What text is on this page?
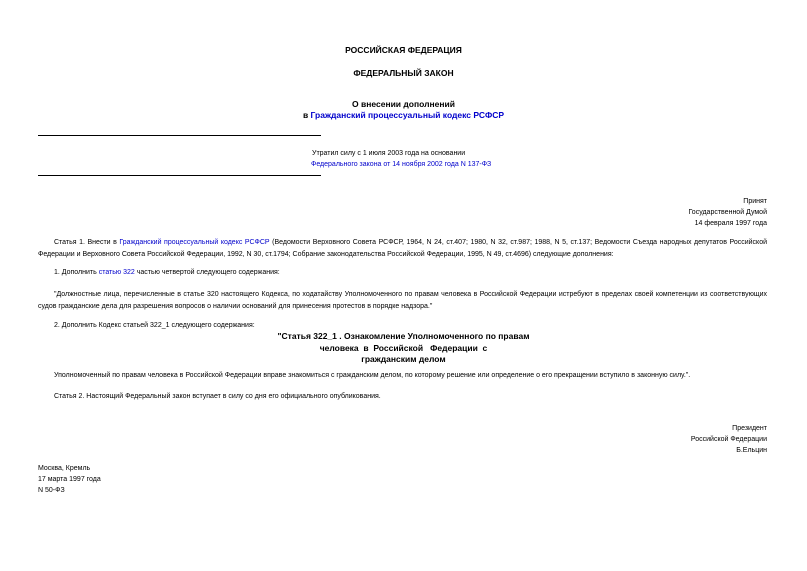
РОССИЙСКАЯ ФЕДЕРАЦИЯ
ФЕДЕРАЛЬНЫЙ ЗАКОН
О внесении дополнений
в Гражданский процессуальный кодекс РСФСР
Утратил силу с 1 июля 2003 года на основании
Федерального закона от 14 ноября 2002 года N 137-ФЗ
Принят
Государственной Думой
14 февраля 1997 года
Статья 1. Внести в Гражданский процессуальный кодекс РСФСР (Ведомости Верховного Совета РСФСР, 1964, N 24, ст.407; 1980, N 32, ст.987; 1988, N 5, ст.137; Ведомости Съезда народных депутатов Российской Федерации и Верховного Совета Российской Федерации, 1992, N 30, ст.1794; Собрание законодательства Российской Федерации, 1995, N 49, ст.4696) следующие дополнения:
1. Дополнить статью 322 частью четвертой следующего содержания:
"Должностные лица, перечисленные в статье 320 настоящего Кодекса, по ходатайству Уполномоченного по правам человека в Российской Федерации истребуют в пределах своей компетенции из соответствующих судов гражданские дела для разрешения вопросов о наличии оснований для принесения протестов в порядке надзора."
2. Дополнить Кодекс статьей 322_1 следующего содержания:
"Статья 322_1 . Ознакомление Уполномоченного по правам
человека  в  Российской   Федерации  с
гражданским делом
Уполномоченный по правам человека в Российской Федерации вправе знакомиться с гражданским делом, по которому решение или определение о его прекращении вступило в законную силу.".
Статья 2. Настоящий Федеральный закон вступает в силу со дня его официального опубликования.
Президент
Российской Федерации
Б.Ельцин
Москва, Кремль
17 марта 1997 года
N 50-ФЗ
